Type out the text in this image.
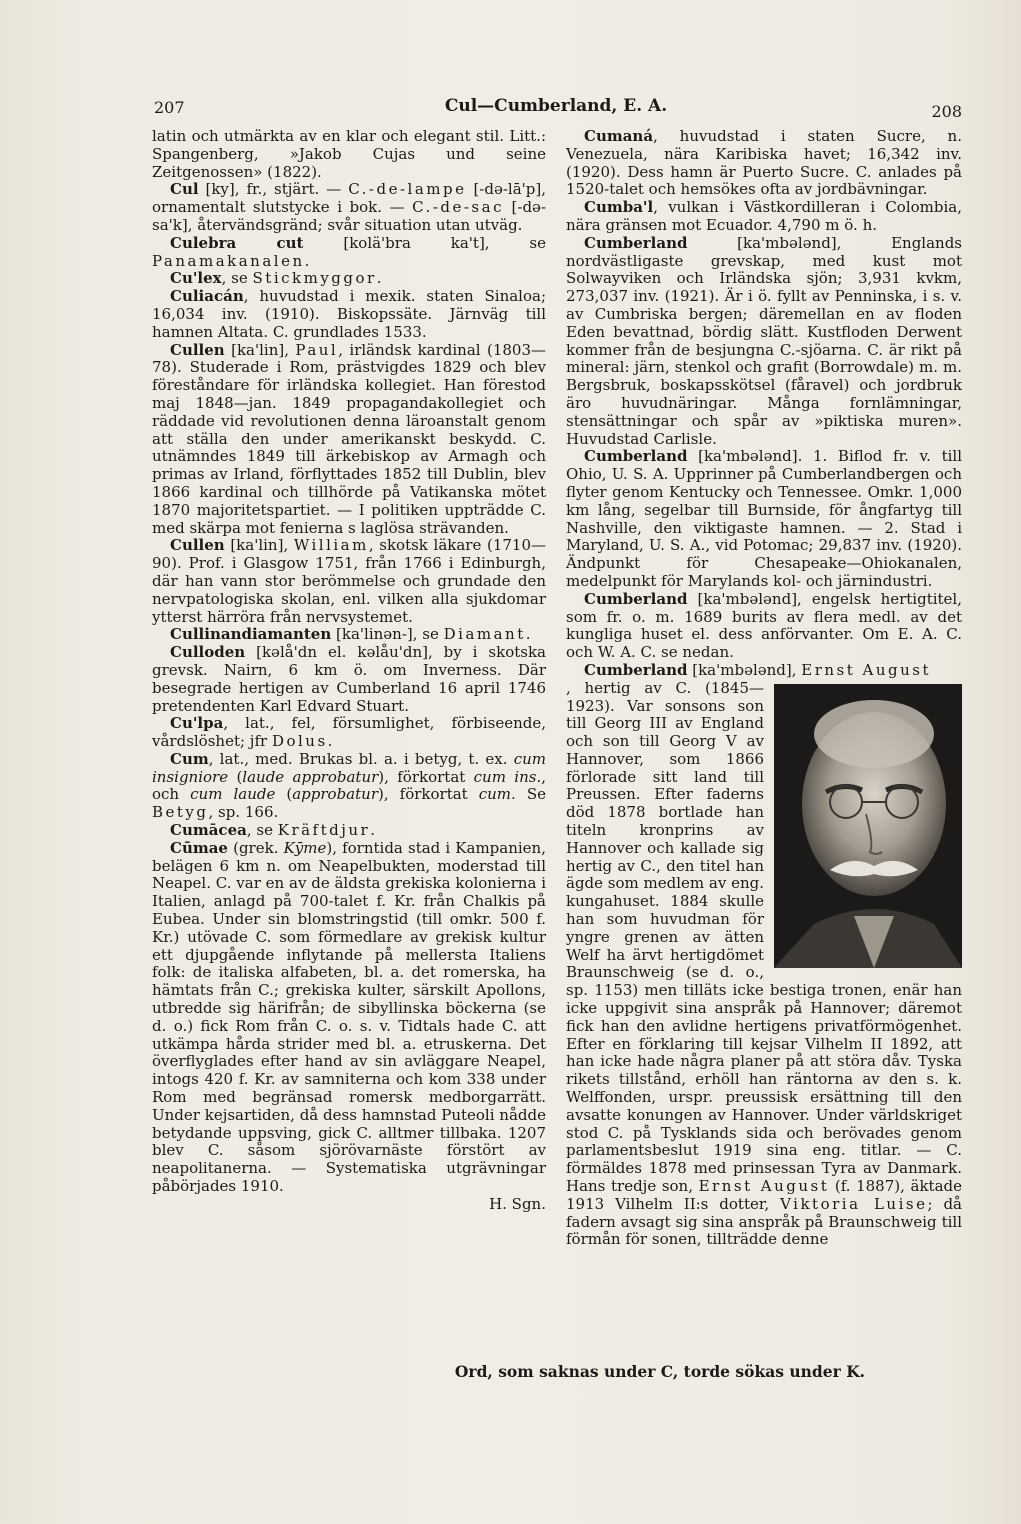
207	Cul—Cumberland, E. A.	208

latin och utmärkta av en klar och elegant stil. Litt.: Spangenberg, »Jakob Cujas und seine Zeitgenossen» (1822).

Cul [ky], fr., stjärt. — C.-de-lampe [-də-lā'p], ornamentalt slutstycke i bok. — C.-de-sac [-də-sa'k], återvändsgränd; svår situation utan utväg.

Culebra cut [kolä'bra ka't], se Panamakanalen.

Cu'lex, se Stickmyggor.

Culiacán, huvudstad i mexik. staten Sinaloa; 16,034 inv. (1910). Biskopssäte. Järnväg till hamnen Altata. C. grundlades 1533.

Cullen [ka'lin], Paul, irländsk kardinal (1803—78). Studerade i Rom, prästvigdes 1829 och blev föreståndare för irländska kollegiet. Han förestod maj 1848—jan. 1849 propagandakollegiet och räddade vid revolutionen denna läroanstalt genom att ställa den under amerikanskt beskydd. C. utnämndes 1849 till ärkebiskop av Armagh och primas av Irland, förflyttades 1852 till Dublin, blev 1866 kardinal och tillhörde på Vatikanska mötet 1870 majoritetspartiet. — I politiken uppträdde C. med skärpa mot fenierna s laglösa strävanden.

Cullen [ka'lin], William, skotsk läkare (1710—90). Prof. i Glasgow 1751, från 1766 i Edinburgh, där han vann stor berömmelse och grundade den nervpatologiska skolan, enl. vilken alla sjukdomar ytterst härröra från nervsystemet.

Cullinandiamanten [ka'linən-], se Diamant.

Culloden [kəlå'dn el. kəlåu'dn], by i skotska grevsk. Nairn, 6 km ö. om Inverness. Där besegrade hertigen av Cumberland 16 april 1746 pretendenten Karl Edvard Stuart.

Cu'lpa, lat., fel, försumlighet, förbiseende, vårdslöshet; jfr Dolus.

Cum, lat., med. Brukas bl. a. i betyg, t. ex. cum insigniore (laude approbatur), förkortat cum ins., och cum laude (approbatur), förkortat cum. Se Betyg, sp. 166.

Cumācea, se Kräftdjur.

Cūmae (grek. Kȳme), forntida stad i Kampanien, belägen 6 km n. om Neapelbukten, moderstad till Neapel. C. var en av de äldsta grekiska kolonierna i Italien, anlagd på 700-talet f. Kr. från Chalkis på Eubea. Under sin blomstringstid (till omkr. 500 f. Kr.) utövade C. som förmedlare av grekisk kultur ett djupgående inflytande på mellersta Italiens folk: de italiska alfabeten, bl. a. det romerska, ha hämtats från C.; grekiska kulter, särskilt Apollons, utbredde sig härifrån; de sibyllinska böckerna (se d. o.) fick Rom från C. o. s. v. Tidtals hade C. att utkämpa hårda strider med bl. a. etruskerna. Det överflyglades efter hand av sin avläggare Neapel, intogs 420 f. Kr. av samniterna och kom 338 under Rom med begränsad romersk medborgarrätt. Under kejsartiden, då dess hamnstad Puteoli nådde betydande uppsving, gick C. alltmer tillbaka. 1207 blev C. såsom sjörövarnäste förstört av neapolitanerna. — Systematiska utgrävningar påbörjades 1910.
H. Sgn.

Cumaná, huvudstad i staten Sucre, n. Venezuela, nära Karibiska havet; 16,342 inv. (1920). Dess hamn är Puerto Sucre. C. anlades på 1520-talet och hemsökes ofta av jordbävningar.

Cumba'l, vulkan i Västkordilleran i Colombia, nära gränsen mot Ecuador. 4,790 m ö. h.

Cumberland [ka'mbələnd], Englands nordvästligaste grevskap, med kust mot Solwayviken och Irländska sjön; 3,931 kvkm, 273,037 inv. (1921). Är i ö. fyllt av Penninska, i s. v. av Cumbriska bergen; däremellan en av floden Eden bevattnad, bördig slätt. Kustfloden Derwent kommer från de besjungna C.-sjöarna. C. är rikt på mineral: järn, stenkol och grafit (Borrowdale) m. m. Bergsbruk, boskapsskötsel (fåravel) och jordbruk äro huvudnäringar. Många fornlämningar, stensättningar och spår av »piktiska muren». Huvudstad Carlisle.

Cumberland [ka'mbələnd]. 1. Biflod fr. v. till Ohio, U. S. A. Upprinner på Cumberlandbergen och flyter genom Kentucky och Tennessee. Omkr. 1,000 km lång, segelbar till Burnside, för ångfartyg till Nashville, den viktigaste hamnen. — 2. Stad i Maryland, U. S. A., vid Potomac; 29,837 inv. (1920). Ändpunkt för Chesapeake—Ohiokanalen, medelpunkt för Marylands kol- och järnindustri.

Cumberland [ka'mbələnd], engelsk hertigtitel, som fr. o. m. 1689 burits av flera medl. av det kungliga huset el. dess anförvanter. Om E. A. C. och W. A. C. se nedan.

Cumberland [ka'mbələnd], Ernst August

, hertig av C. (1845—1923). Var sonsons son till Georg III av England och son till Georg V av Hannover, som 1866 förlorade sitt land till Preussen. Efter faderns död 1878 bortlade han titeln kronprins av Hannover och kallade sig hertig av C., den titel han ägde som medlem av eng. kungahuset. 1884 skulle han som huvudman för yngre grenen av ätten Welf ha ärvt hertigdömet Braunschweig (se d. o., sp. 1153) men tilläts icke bestiga tronen, enär han icke uppgivit sina anspråk på Hannover; däremot fick han den avlidne hertigens privatförmögenhet. Efter en förklaring till kejsar Vilhelm II 1892, att han icke hade några planer på att störa dåv. Tyska rikets tillstånd, erhöll han räntorna av den s. k. Welffonden, urspr. preussisk ersättning till den avsatte konungen av Hannover. Under världskriget stod C. på Tysklands sida och berövades genom parlamentsbeslut 1919 sina eng. titlar. — C. förmäldes 1878 med prinsessan Tyra av Danmark. Hans tredje son, Ernst August (f. 1887), äktade 1913 Vilhelm II:s dotter, Viktoria Luise; då fadern avsagt sig sina anspråk på Braunschweig till förmån för sonen, tillträdde denne

Ord, som saknas under C, torde sökas under K.
